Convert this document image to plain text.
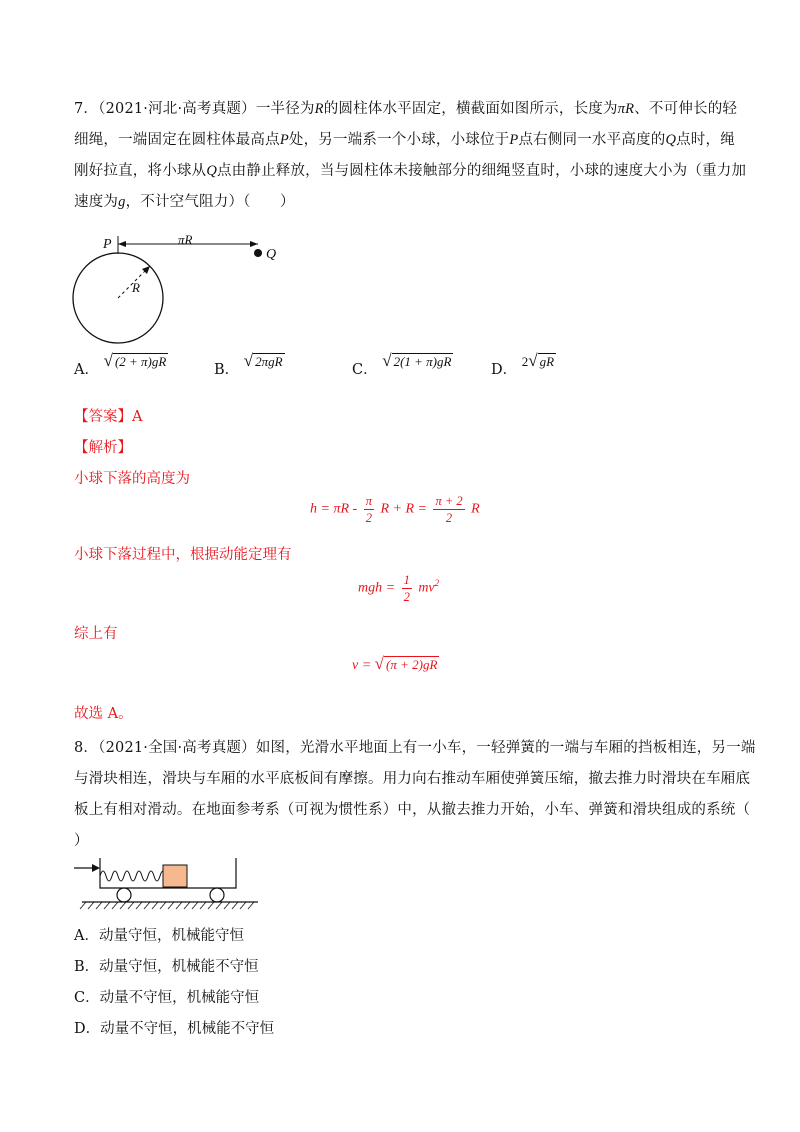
7．（2021·河北·高考真题）一半径为R的圆柱体水平固定，横截面如图所示，长度为πR、不可伸长的轻
细绳，一端固定在圆柱体最高点P处，另一端系一个小球，小球位于P点右侧同一水平高度的Q点时，绳
刚好拉直，将小球从Q点由静止释放，当与圆柱体未接触部分的细绳竖直时，小球的速度大小为（重力加
速度为g，不计空气阻力）（　　）
P
Q
πR
R
A． √ (2 + π)gR
B． √ 2πgR
C． √ 2(1 + π)gR
D． 2√ gR
【答案】A
【解析】
小球下落的高度为
$h = \pi R - \frac{\pi}{2}$ $R + R = \frac{\pi + 2}{2}$ R
小球下落过程中，根据动能定理有
mgh = $\frac{1}{2} mv^2$
综上有
v = √ (π + 2)gR
故选 A。
8．（2021·全国·高考真题）如图，光滑水平地面上有一小车，一轻弹簧的一端与车厢的挡板相连，另一端
与滑块相连，滑块与车厢的水平底板间有摩擦。用力向右推动车厢使弹簧压缩，撤去推力时滑块在车厢底
板上有相对滑动。在地面参考系（可视为惯性系）中，从撤去推力开始，小车、弹簧和滑块组成的系统（
）
A．动量守恒，机械能守恒
B．动量守恒，机械能不守恒
C．动量不守恒，机械能守恒
D．动量不守恒，机械能不守恒
